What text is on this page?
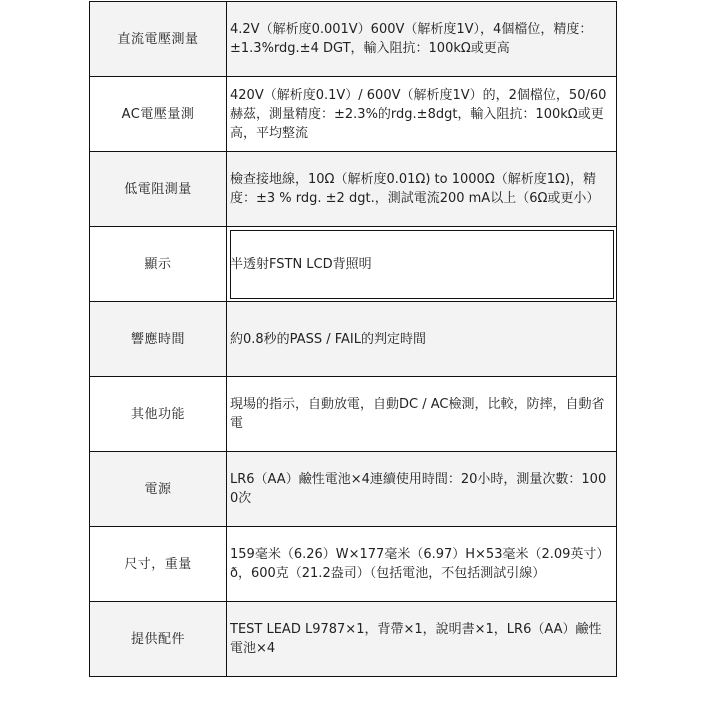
直流電壓測量	4.2V（解析度0.001V）600V（解析度1V），4個檔位，精度：±1.3%rdg.±4 DGT，輸入阻抗：100kΩ或更高
AC電壓量測	420V（解析度0.1V）/ 600V（解析度1V）的，2個檔位，50/60赫茲，測量精度：±2.3%的rdg.±8dgt，輸入阻抗：100kΩ或更高，平均整流
低電阻測量	檢查接地線，10Ω（解析度0.01Ω) to 1000Ω（解析度1Ω)，精度：±3 % rdg. ±2 dgt.，測試電流200 mA以上（6Ω或更小）
顯示	半透射FSTN LCD背照明
響應時間	約0.8秒的PASS / FAIL的判定時間
其他功能	現場的指示，自動放電，自動DC / AC檢測，比較，防摔，自動省電
電源	LR6（AA）鹼性電池×4連續使用時間：20小時，測量次數：1000次
尺寸，重量	159毫米（6.26）W×177毫米（6.97）H×53毫米（2.09英寸）ð，600克（21.2盎司）（包括電池，不包括測試引線）
提供配件	TEST LEAD L9787×1，背帶×1，說明書×1，LR6（AA）鹼性電池×4
